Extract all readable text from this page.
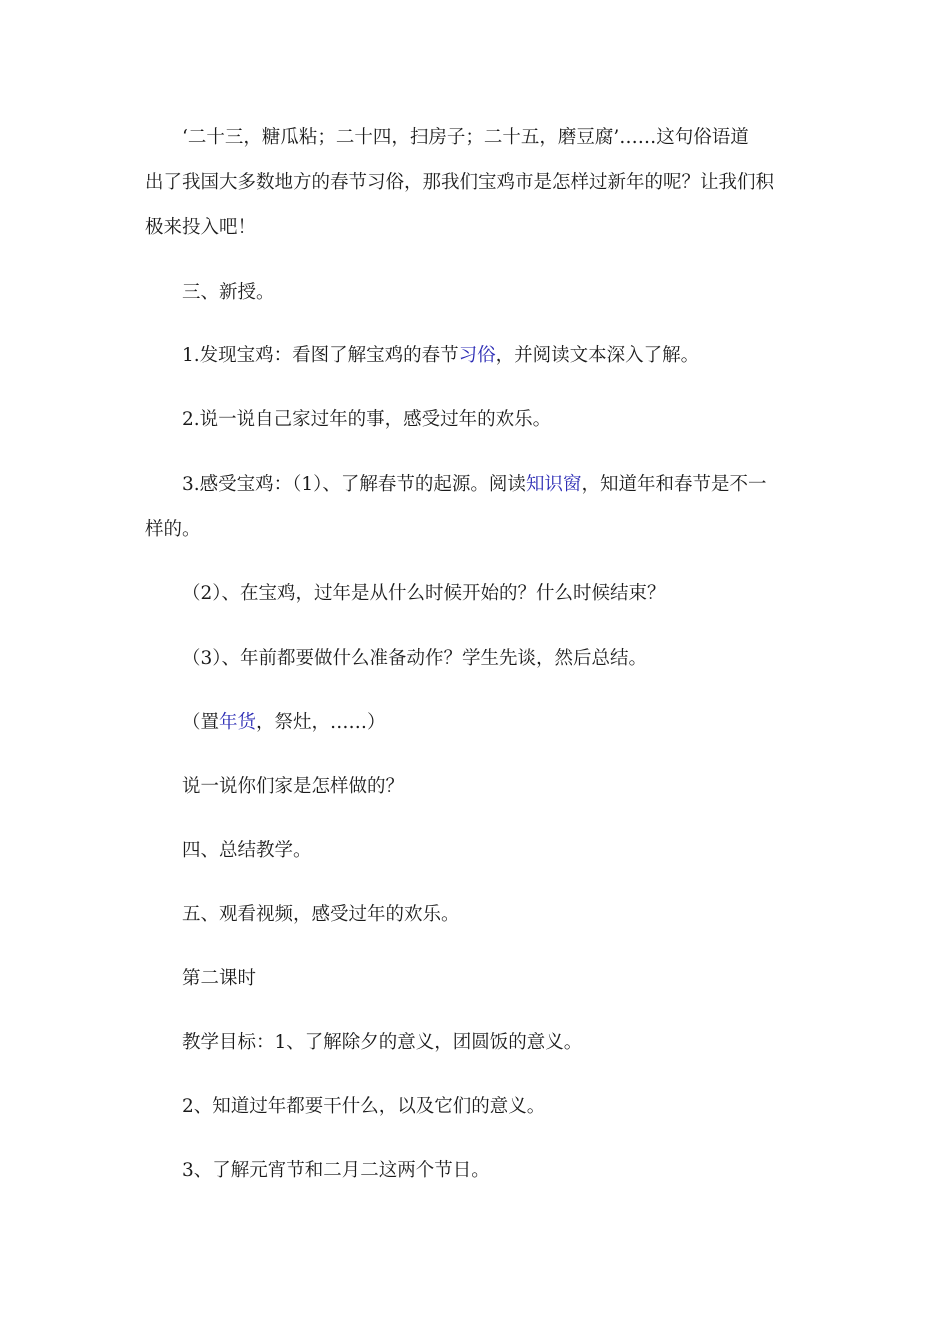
‘二十三，糖瓜粘；二十四，扫房子；二十五，磨豆腐’……这句俗语道
出了我国大多数地方的春节习俗，那我们宝鸡市是怎样过新年的呢？让我们积
极来投入吧！
三、新授。
1.发现宝鸡：看图了解宝鸡的春节习俗，并阅读文本深入了解。
2.说一说自己家过年的事，感受过年的欢乐。
3.感受宝鸡：（1）、了解春节的起源。阅读知识窗，知道年和春节是不一
样的。
（2）、在宝鸡，过年是从什么时候开始的？什么时候结束？
（3）、年前都要做什么准备动作？学生先谈，然后总结。
（置年货，祭灶，……）
说一说你们家是怎样做的？
四、总结教学。
五、观看视频，感受过年的欢乐。
第二课时
教学目标：1、了解除夕的意义，团圆饭的意义。
2、知道过年都要干什么，以及它们的意义。
3、了解元宵节和二月二这两个节日。
